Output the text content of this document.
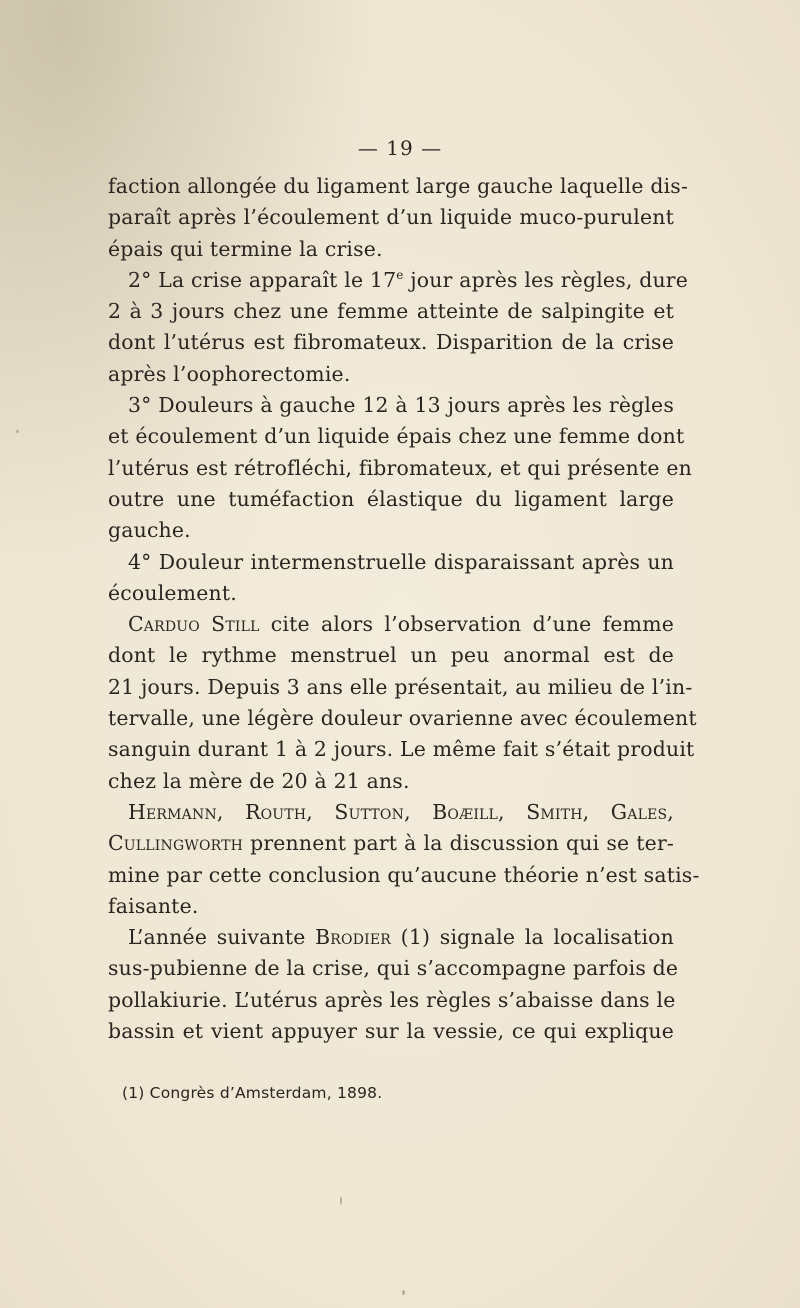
— 19 —
faction allongée du ligament large gauche laquelle dis-
paraît après l’écoulement d’un liquide muco-purulent
épais qui termine la crise.
2° La crise apparaît le 17e jour après les règles, dure
2 à 3 jours chez une femme atteinte de salpingite et
dont l’utérus est fibromateux. Disparition de la crise
après l’oophorectomie.
3° Douleurs à gauche 12 à 13 jours après les règles
et écoulement d’un liquide épais chez une femme dont
l’utérus est rétrofléchi, fibromateux, et qui présente en
outre une tuméfaction élastique du ligament large
gauche.
4° Douleur intermenstruelle disparaissant après un
écoulement.
Carduo Still cite alors l’observation d’une femme
dont le rythme menstruel un peu anormal est de
21 jours. Depuis 3 ans elle présentait, au milieu de l’in-
tervalle, une légère douleur ovarienne avec écoulement
sanguin durant 1 à 2 jours. Le même fait s’était produit
chez la mère de 20 à 21 ans.
Hermann, Routh, Sutton, Boæill, Smith, Gales,
Cullingworth prennent part à la discussion qui se ter-
mine par cette conclusion qu’aucune théorie n’est satis-
faisante.
L’année suivante Brodier (1) signale la localisation
sus-pubienne de la crise, qui s’accompagne parfois de
pollakiurie. L’utérus après les règles s’abaisse dans le
bassin et vient appuyer sur la vessie, ce qui explique
(1) Congrès d’Amsterdam, 1898.
